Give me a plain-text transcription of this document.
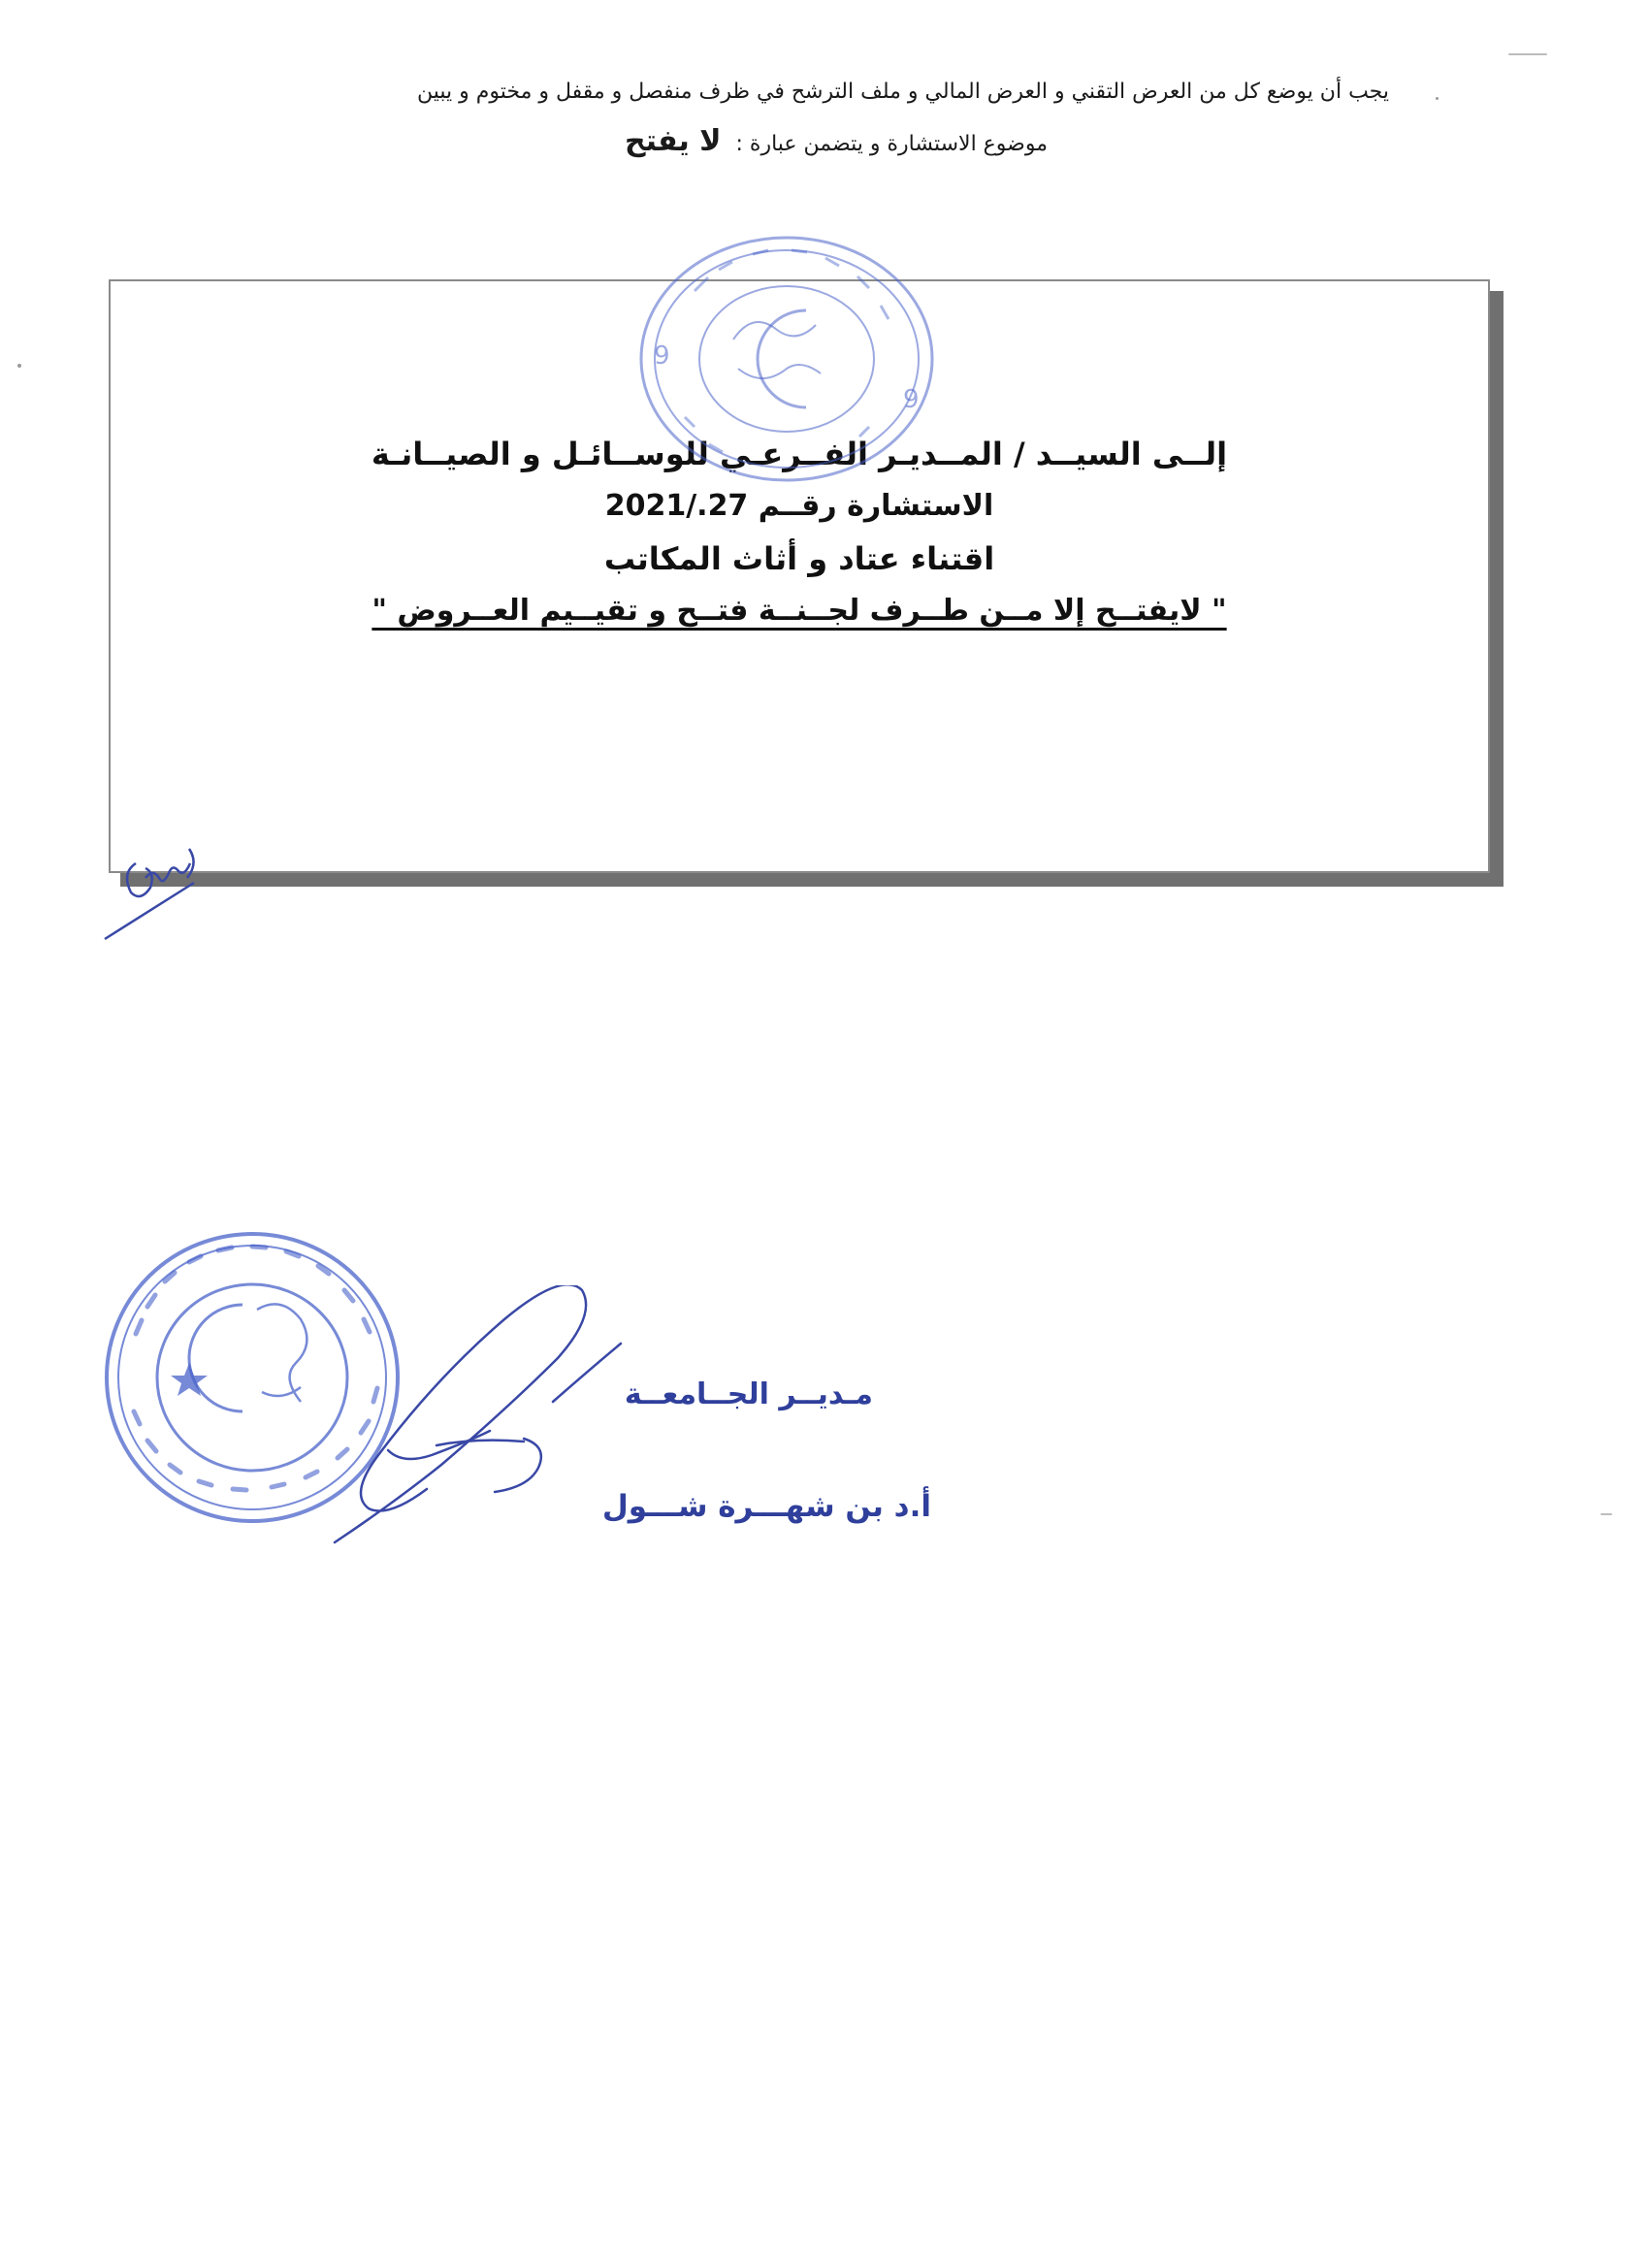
يجب أن يوضع كل من العرض التقني و العرض المالي و ملف الترشح في ظرف منفصل و مقفل و مختوم و يبين
موضوع الاستشارة و يتضمن عبارة : لا يفتح
إلــى السيــد / المــديـر الفــرعـي للوســائـل و الصيــانـة
الاستشارة رقــم 27./2021
اقتناء عتاد و أثاث المكاتب
" لايفتــح إلا مــن طــرف لجــنــة فتــح و تقيــيم العــروض "
9
9
مـديــر الجــامعــة
أ.د بن شهـــرة شـــول
